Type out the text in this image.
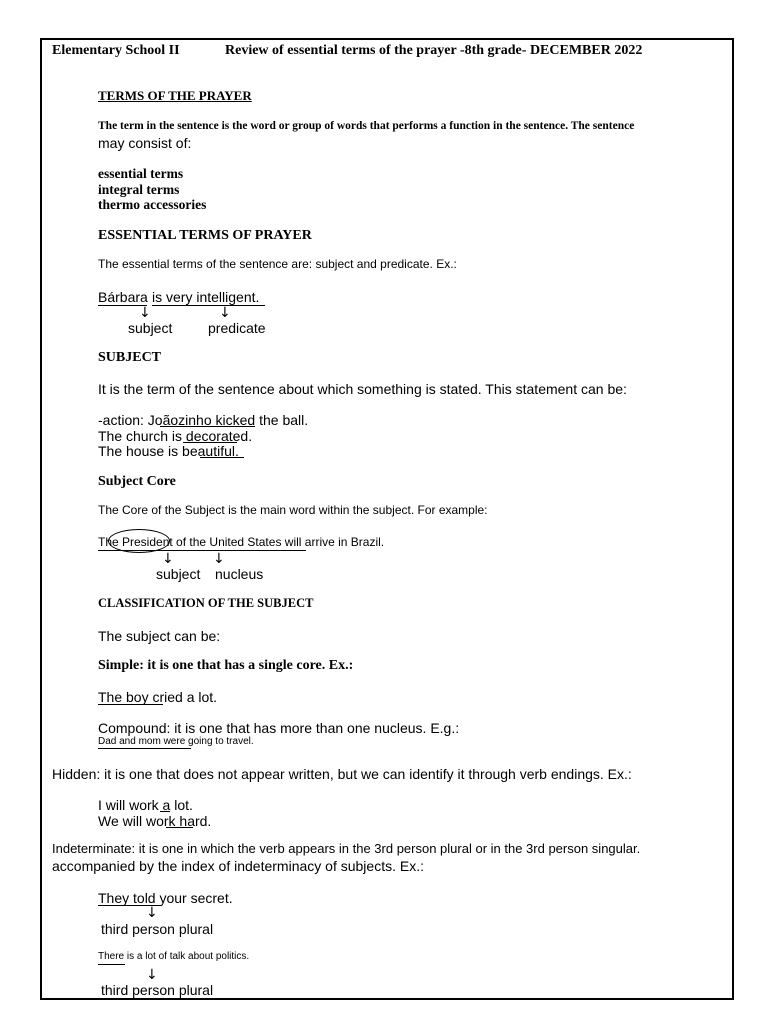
Elementary School II	Review of essential terms of the prayer -8th grade- DECEMBER 2022
TERMS OF THE PRAYER
The term in the sentence is the word or group of words that performs a function in the sentence. The sentence
may consist of:
essential terms
integral terms
thermo accessories
ESSENTIAL TERMS OF PRAYER
The essential terms of the sentence are: subject and predicate. Ex.:
Bárbara is very intelligent.
↓	↓
subject	predicate
SUBJECT
It is the term of the sentence about which something is stated. This statement can be:
-action: Joãozinho kicked the ball.
The church is decorated.
The house is beautiful.
Subject Core
The Core of the Subject is the main word within the subject. For example:
The President of the United States will arrive in Brazil.
↓	↓
subject nucleus
CLASSIFICATION OF THE SUBJECT
The subject can be:
Simple: it is one that has a single core. Ex.:
The boy cried a lot.
Compound: it is one that has more than one nucleus. E.g.:
Dad and mom were going to travel.
Hidden: it is one that does not appear written, but we can identify it through verb endings. Ex.:
I will work a lot.
We will work hard.
Indeterminate: it is one in which the verb appears in the 3rd person plural or in the 3rd person singular.
accompanied by the index of indeterminacy of subjects. Ex.:
They told your secret.
↓
third person plural
There is a lot of talk about politics.
↓
third person plural
